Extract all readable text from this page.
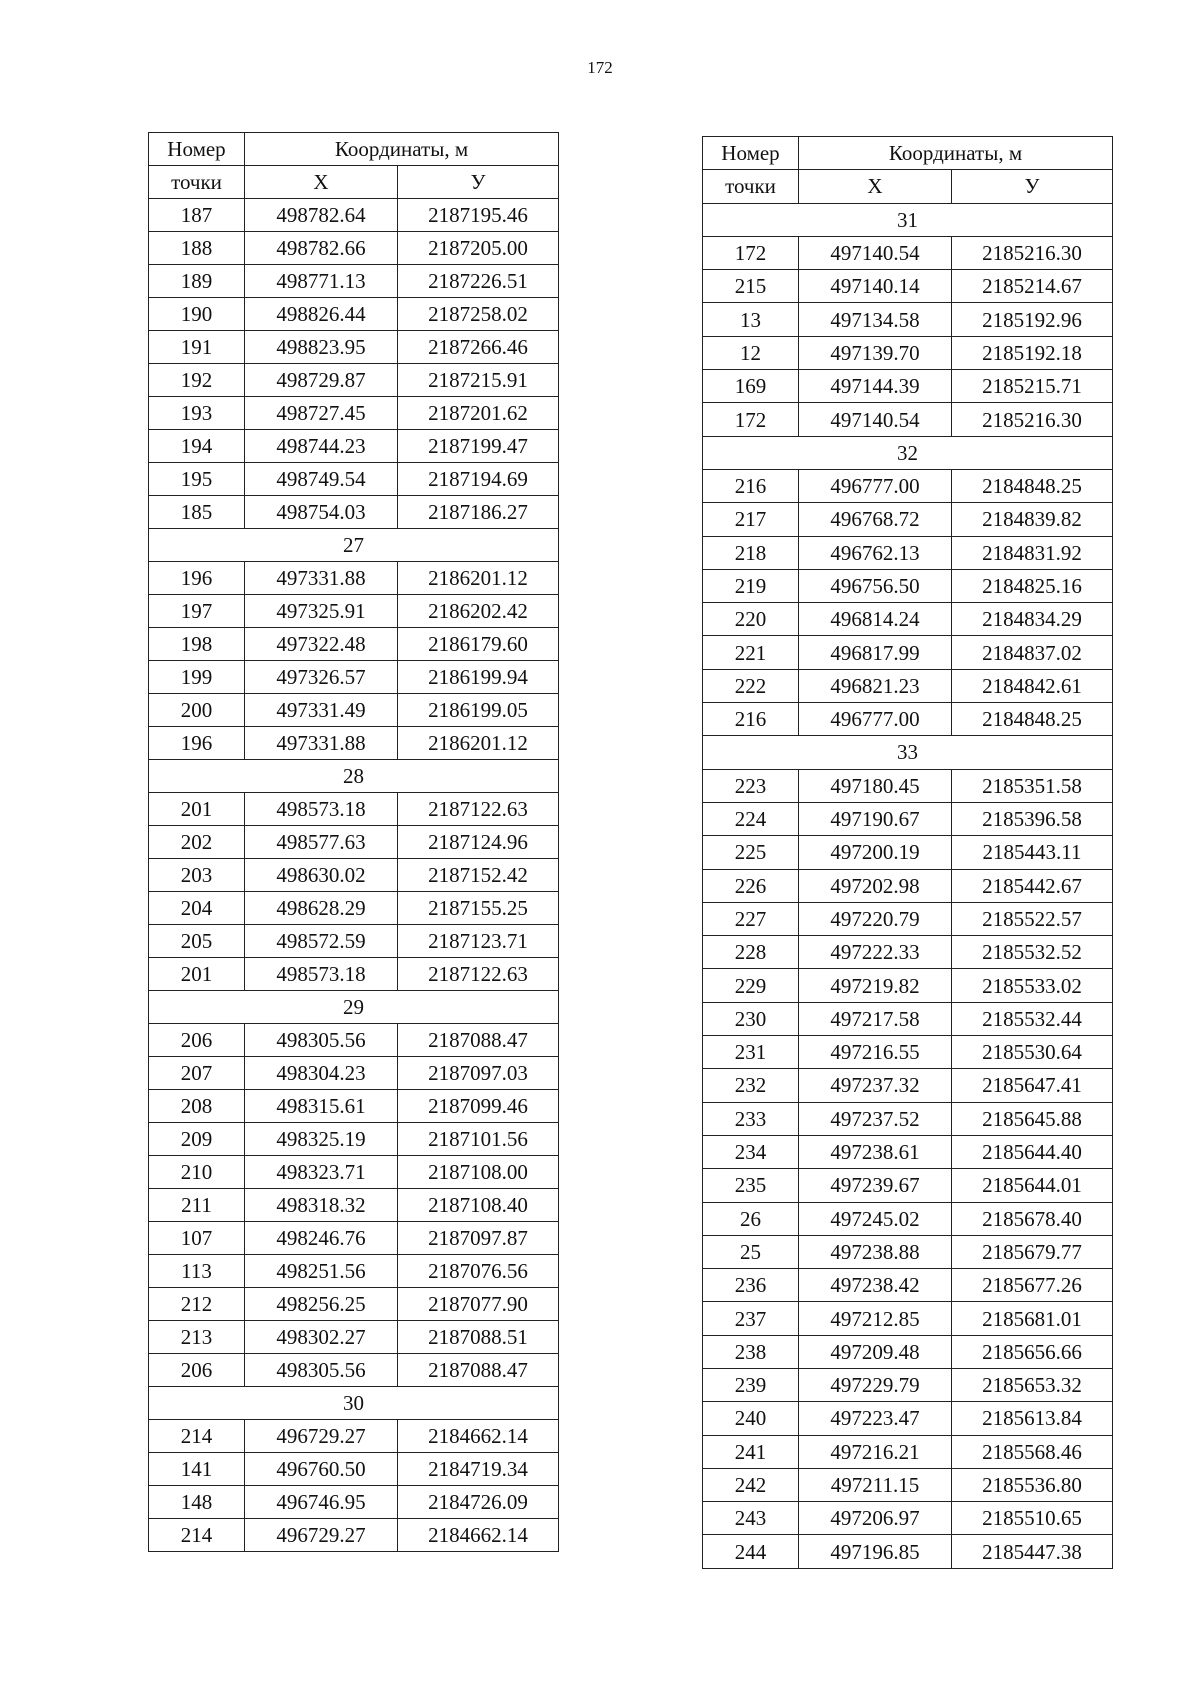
172
Номер	Координаты, м	
точки	Х	У
187	498782.64	2187195.46
188	498782.66	2187205.00
189	498771.13	2187226.51
190	498826.44	2187258.02
191	498823.95	2187266.46
192	498729.87	2187215.91
193	498727.45	2187201.62
194	498744.23	2187199.47
195	498749.54	2187194.69
185	498754.03	2187186.27
27		
196	497331.88	2186201.12
197	497325.91	2186202.42
198	497322.48	2186179.60
199	497326.57	2186199.94
200	497331.49	2186199.05
196	497331.88	2186201.12
28		
201	498573.18	2187122.63
202	498577.63	2187124.96
203	498630.02	2187152.42
204	498628.29	2187155.25
205	498572.59	2187123.71
201	498573.18	2187122.63
29		
206	498305.56	2187088.47
207	498304.23	2187097.03
208	498315.61	2187099.46
209	498325.19	2187101.56
210	498323.71	2187108.00
211	498318.32	2187108.40
107	498246.76	2187097.87
113	498251.56	2187076.56
212	498256.25	2187077.90
213	498302.27	2187088.51
206	498305.56	2187088.47
30		
214	496729.27	2184662.14
141	496760.50	2184719.34
148	496746.95	2184726.09
214	496729.27	2184662.14
Номер	Координаты, м	
точки	Х	У
31		
172	497140.54	2185216.30
215	497140.14	2185214.67
13	497134.58	2185192.96
12	497139.70	2185192.18
169	497144.39	2185215.71
172	497140.54	2185216.30
32		
216	496777.00	2184848.25
217	496768.72	2184839.82
218	496762.13	2184831.92
219	496756.50	2184825.16
220	496814.24	2184834.29
221	496817.99	2184837.02
222	496821.23	2184842.61
216	496777.00	2184848.25
33		
223	497180.45	2185351.58
224	497190.67	2185396.58
225	497200.19	2185443.11
226	497202.98	2185442.67
227	497220.79	2185522.57
228	497222.33	2185532.52
229	497219.82	2185533.02
230	497217.58	2185532.44
231	497216.55	2185530.64
232	497237.32	2185647.41
233	497237.52	2185645.88
234	497238.61	2185644.40
235	497239.67	2185644.01
26	497245.02	2185678.40
25	497238.88	2185679.77
236	497238.42	2185677.26
237	497212.85	2185681.01
238	497209.48	2185656.66
239	497229.79	2185653.32
240	497223.47	2185613.84
241	497216.21	2185568.46
242	497211.15	2185536.80
243	497206.97	2185510.65
244	497196.85	2185447.38
